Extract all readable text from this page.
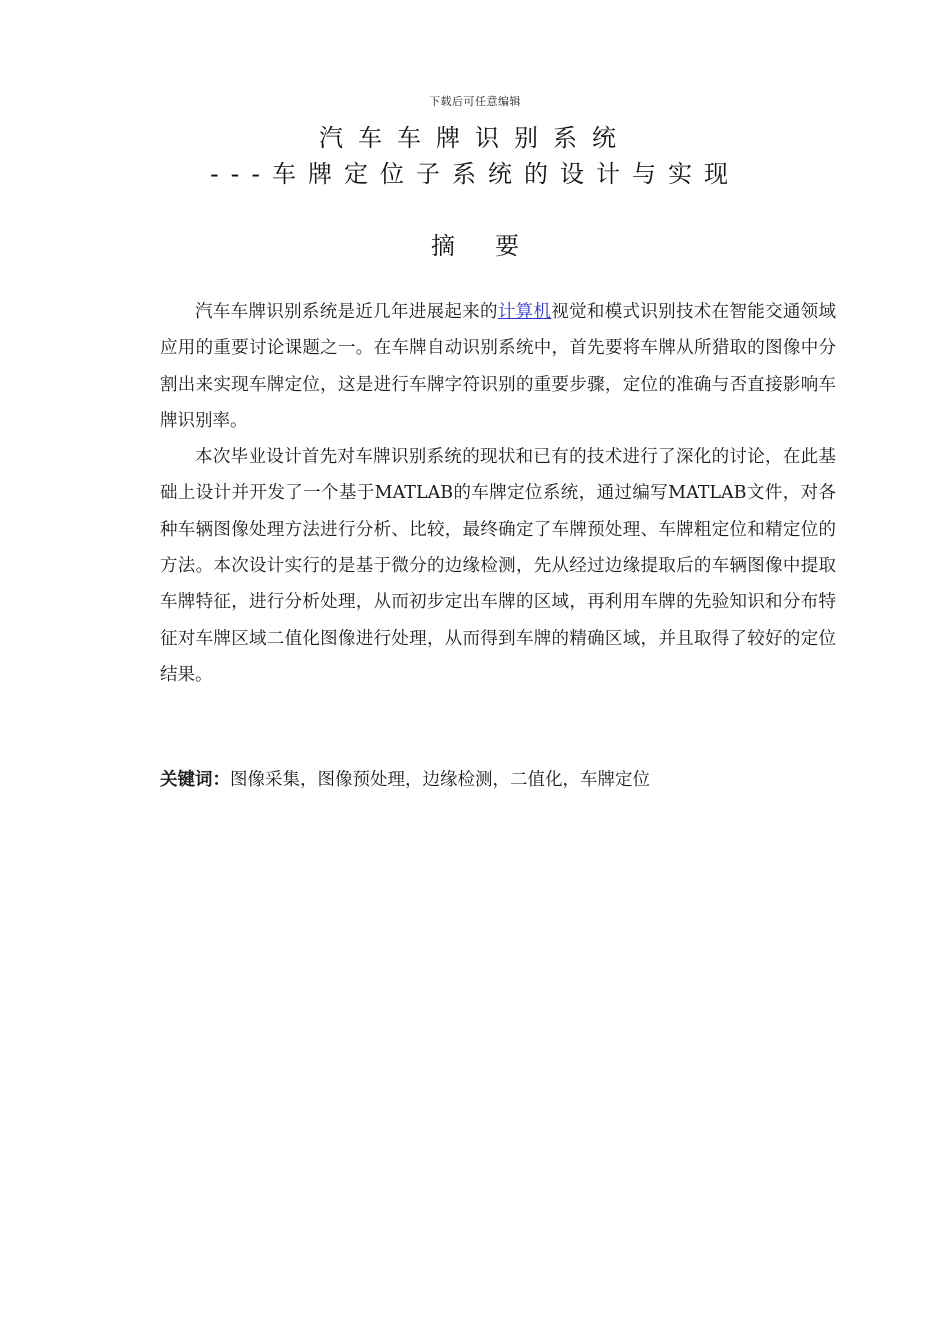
下载后可任意编辑
汽车车牌识别系统
---车牌定位子系统的设计与实现
摘要

汽车车牌识别系统是近几年进展起来的计算机视觉和模式识别技术在智能交通领域应用的重要讨论课题之一。在车牌自动识别系统中，首先要将车牌从所猎取的图像中分割出来实现车牌定位，这是进行车牌字符识别的重要步骤，定位的准确与否直接影响车牌识别率。

本次毕业设计首先对车牌识别系统的现状和已有的技术进行了深化的讨论，在此基础上设计并开发了一个基于MATLAB的车牌定位系统，通过编写MATLAB文件，对各种车辆图像处理方法进行分析、比较，最终确定了车牌预处理、车牌粗定位和精定位的方法。本次设计实行的是基于微分的边缘检测，先从经过边缘提取后的车辆图像中提取车牌特征，进行分析处理，从而初步定出车牌的区域，再利用车牌的先验知识和分布特征对车牌区域二值化图像进行处理，从而得到车牌的精确区域，并且取得了较好的定位结果。

关键词：图像采集，图像预处理，边缘检测，二值化，车牌定位
